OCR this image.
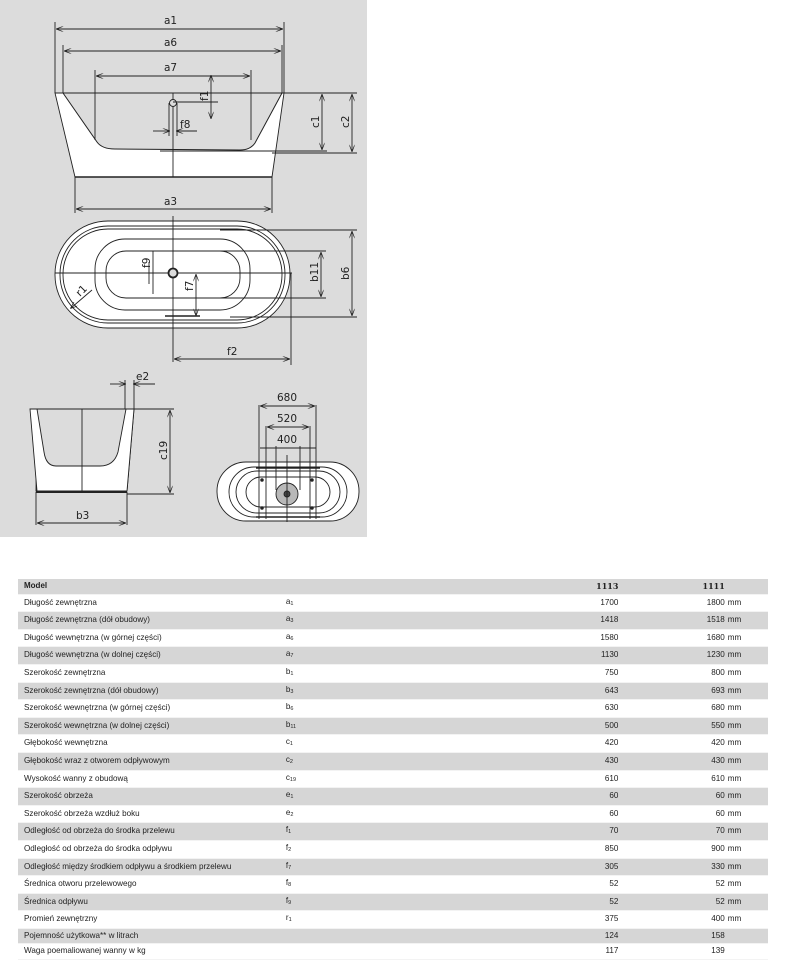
a1
a6
a7
a3
f8
f1
c1 c2
f9
f7
r1
b11 b6
f2
e2
c19
b3
680
520
400
Model		1113	1111	
Długość zewnętrzna	$a_1$	1700	1800	mm
Długość zewnętrzna (dół obudowy)	$a_3$	1418	1518	mm
Długość wewnętrzna (w górnej części)	$a_6$	1580	1680	mm
Długość wewnętrzna (w dolnej części)	$a_7$	1130	1230	mm
Szerokość zewnętrzna	$b_1$	750	800	mm
Szerokość zewnętrzna (dół obudowy)	$b_3$	643	693	mm
Szerokość wewnętrzna (w górnej części)	$b_6$	630	680	mm
Szerokość wewnętrzna (w dolnej części)	$b_{11}$	500	550	mm
Głębokość wewnętrzna	$c_1$	420	420	mm
Głębokość wraz z otworem odpływowym	$c_2$	430	430	mm
Wysokość wanny z obudową	$c_{19}$	610	610	mm
Szerokość obrzeża	$e_1$	60	60	mm
Szerokość obrzeża wzdłuż boku	$e_2$	60	60	mm
Odległość od obrzeża do środka przelewu	$f_1$	70	70	mm
Odległość od obrzeża do środka odpływu	$f_2$	850	900	mm
Odległość między środkiem odpływu a środkiem przelewu	$f_7$	305	330	mm
Średnica otworu przelewowego	$f_8$	52	52	mm
Średnica odpływu	$f_9$	52	52	mm
Promień zewnętrzny	$r_1$	375	400	mm
Pojemność użytkowa** w litrach		124	158	
Waga poemaliowanej wanny w kg		117	139	
